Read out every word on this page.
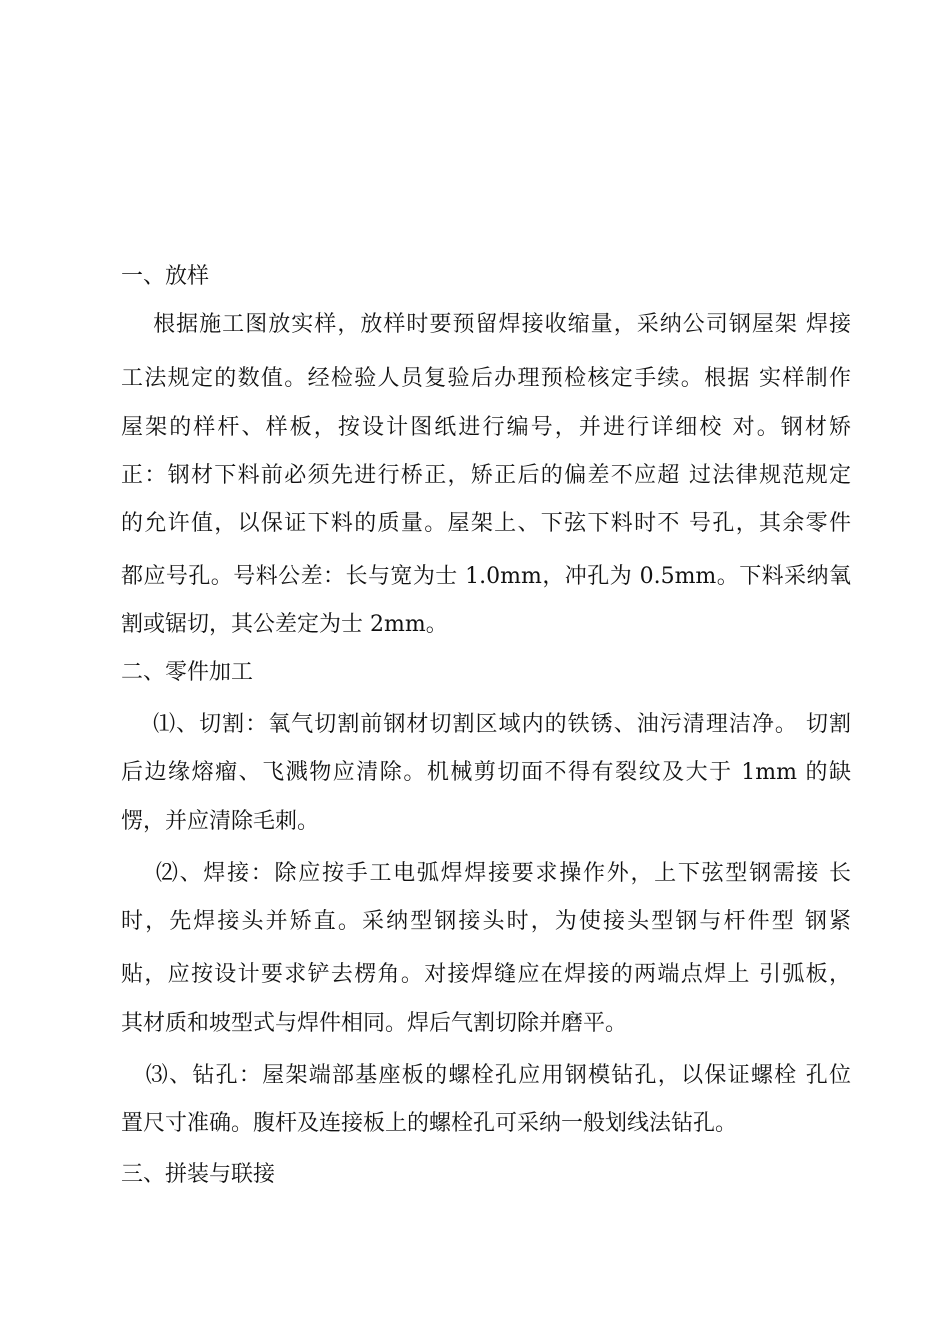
一、放样
根据施工图放实样，放样时要预留焊接收缩量，采纳公司钢屋架 焊接
工法规定的数值。经检验人员复验后办理预检核定手续。根据 实样制作
屋架的样杆、样板，按设计图纸进行编号，并进行详细校 对。钢材矫
正：钢材下料前必须先进行桥正，矫正后的偏差不应超 过法律规范规定
的允许值，以保证下料的质量。屋架上、下弦下料时不 号孔，其余零件
都应号孔。号料公差：长与宽为士 1.0mm，冲孔为 0.5mm。下料采纳氧
割或锯切，其公差定为士 2mm。
二、零件加工
⑴、切割：氧气切割前钢材切割区域内的铁锈、油污清理洁净。 切割
后边缘熔瘤、飞溅物应清除。机械剪切面不得有裂纹及大于 1mm 的缺
愣，并应清除毛刺。
⑵、焊接：除应按手工电弧焊焊接要求操作外，上下弦型钢需接 长
时，先焊接头并矫直。采纳型钢接头时，为使接头型钢与杆件型 钢紧
贴，应按设计要求铲去楞角。对接焊缝应在焊接的两端点焊上 引弧板，
其材质和坡型式与焊件相同。焊后气割切除并磨平。
⑶、钻孔：屋架端部基座板的螺栓孔应用钢模钻孔，以保证螺栓 孔位
置尺寸准确。腹杆及连接板上的螺栓孔可采纳一般划线法钻孔。
三、拼装与联接
